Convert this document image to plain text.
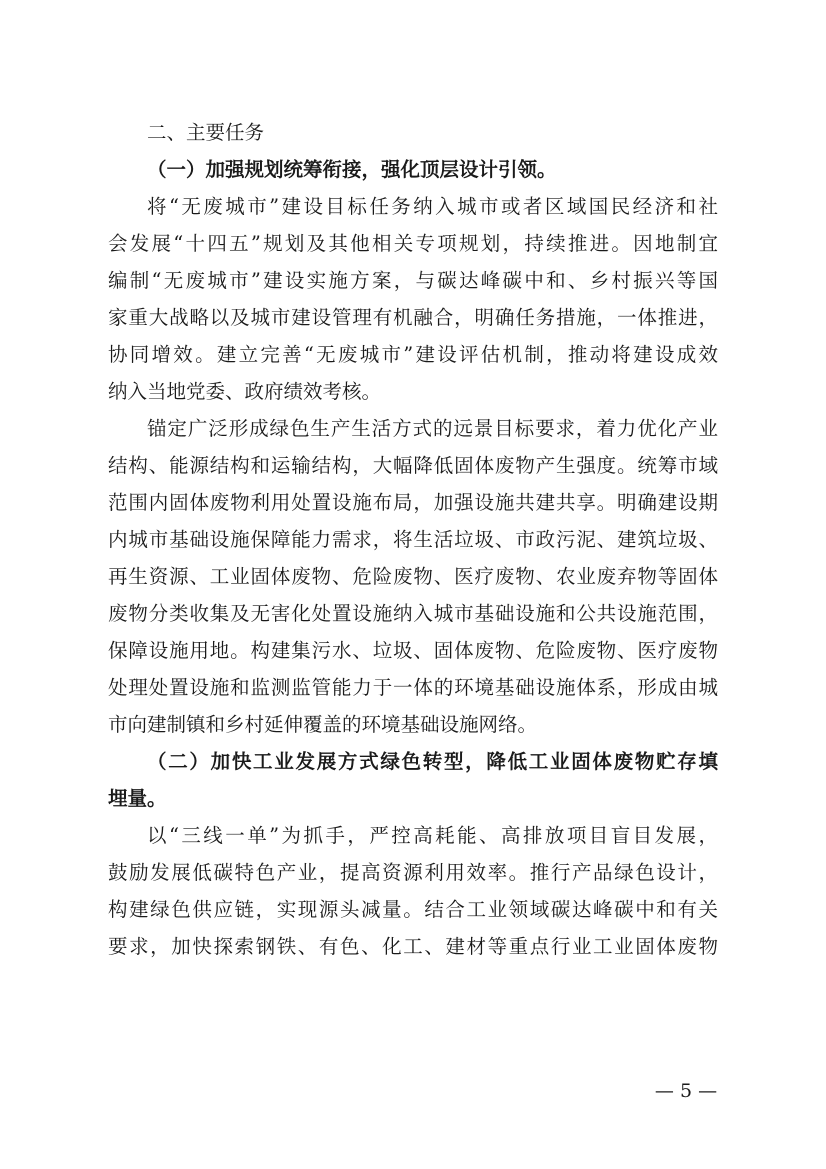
二、主要任务
（一）加强规划统筹衔接，强化顶层设计引领。
将“无废城市”建设目标任务纳入城市或者区域国民经济和社
会发展“十四五”规划及其他相关专项规划，持续推进。因地制宜
编制“无废城市”建设实施方案，与碳达峰碳中和、乡村振兴等国
家重大战略以及城市建设管理有机融合，明确任务措施，一体推进，
协同增效。建立完善“无废城市”建设评估机制，推动将建设成效
纳入当地党委、政府绩效考核。
锚定广泛形成绿色生产生活方式的远景目标要求，着力优化产业
结构、能源结构和运输结构，大幅降低固体废物产生强度。统筹市域
范围内固体废物利用处置设施布局，加强设施共建共享。明确建设期
内城市基础设施保障能力需求，将生活垃圾、市政污泥、建筑垃圾、
再生资源、工业固体废物、危险废物、医疗废物、农业废弃物等固体
废物分类收集及无害化处置设施纳入城市基础设施和公共设施范围，
保障设施用地。构建集污水、垃圾、固体废物、危险废物、医疗废物
处理处置设施和监测监管能力于一体的环境基础设施体系，形成由城
市向建制镇和乡村延伸覆盖的环境基础设施网络。
（二）加快工业发展方式绿色转型，降低工业固体废物贮存填
埋量。
以“三线一单”为抓手，严控高耗能、高排放项目盲目发展，
鼓励发展低碳特色产业，提高资源利用效率。推行产品绿色设计，
构建绿色供应链，实现源头减量。结合工业领域碳达峰碳中和有关
要求，加快探索钢铁、有色、化工、建材等重点行业工业固体废物
— 5 —
